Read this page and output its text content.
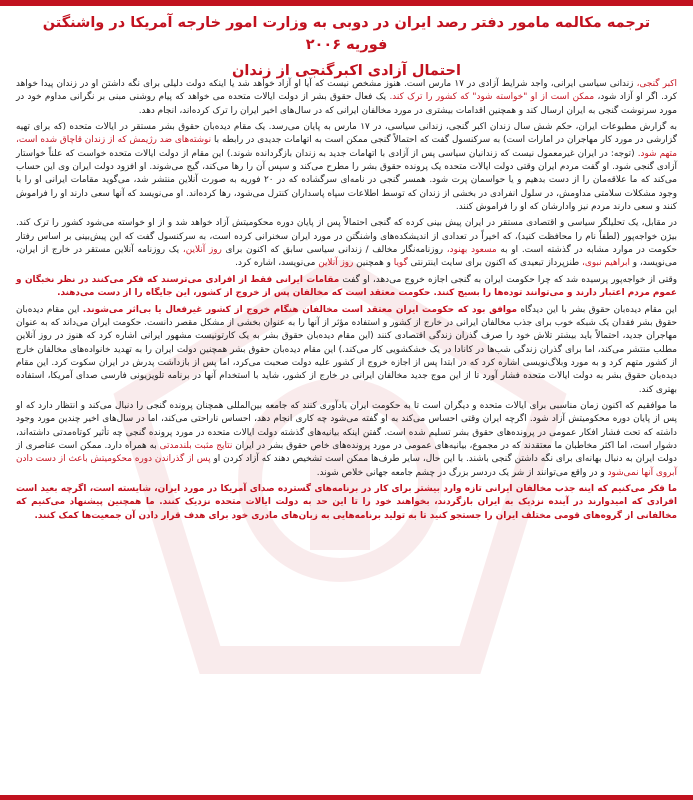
ترجمه مکالمه مامور دفتر رصد ایران در دوبی به وزارت امور خارجه آمریکا در واشنگتن فوریه ۲۰۰۶
احتمال آزادی اکبرگنجی از زندان

اکبر گنجی، زندانی سیاسی ایرانی، واجد شرایط آزادی در ۱۷ مارس است. هنوز مشخص نیست که آیا او آزاد خواهد شد یا اینکه دولت دلیلی برای نگه داشتن او در زندان پیدا خواهد کرد. اگر او آزاد شود، ممکن است از او "خواسته شود" که کشور را ترک کند. یک فعال حقوق بشر از دولت ایالات متحده می خواهد که پیام روشنی مبنی بر نگرانی مداوم خود در مورد سرنوشت گنجی به ایران ارسال کند و همچنین اقدامات بیشتری در مورد مخالفان ایرانی که در سال‌های اخیر ایران را ترک کرده‌اند، انجام دهد.

به گزارش مطبوعات ایران، حکم شش سال زندان اکبر گنجی، زندانی سیاسی، در ۱۷ مارس به پایان می‌رسد. یک مقام دیده‌بان حقوق بشر مستقر در ایالات متحده (که برای تهیه گزارشی در مورد کار مهاجران در امارات است) به سرکنسول گفت که احتمالاً گنجی ممکن است به اتهامات جدیدی در رابطه با نوشته‌های ضد رژیمش که از زندان قاچاق شده است، متهم شود. (توجه: در ایران غیرمعمول نیست که زندانیان سیاسی پس از آزادی با اتهامات جدید به زندان بازگردانده شوند.) این مقام از دولت ایالات متحده خواست که علناً خواستار آزادی گنجی شود. او گفت مردم ایران وقتی دولت ایالات متحده یک پرونده حقوق بشر را مطرح می‌کند و سپس آن را رها می‌کند، گیج می‌شوند. او افزود دولت ایران وی این حساب می‌کند که ما علاقه‌مان را از دست بدهیم و یا حواسمان پرت شود. همسر گنجی در نامه‌ای سرگشاده که در ۲۰ فوریه به صورت آنلاین منتشر شد، می‌گوید مقامات ایرانی او را با وجود مشکلات سلامتی مداومش، در سلول انفرادی در بخشی از زندان که توسط اطلاعات سپاه پاسداران کنترل می‌شود، رها کرده‌اند. او می‌نویسد که آنها سعی دارند او را فراموش کنند و سعی دارند مردم نیز وادارشان که او را فراموش کنند.

در مقابل، یک تحلیلگر سیاسی و اقتصادی مستقر در ایران پیش بینی کرده که گنجی احتمالاً پس از پایان دوره محکومیتش آزاد خواهد شد و از او خواسته می‌شود کشور را ترک کند. بیژن خواجه‌پور (لطفاً نام را محافظت کنید)، که اخیراً در تعدادی از اندیشکده‌های واشنگتن در مورد ایران سخنرانی کرده است، به سرکنسول گفت که این پیش‌بینی بر اساس رفتار حکومت در موارد مشابه در گذشته است. او به مسعود بهنود، روزنامه‌نگار مخالف / زندانی سیاسی سابق که اکنون برای روز آنلاین، یک روزنامه آنلاین مستقر در خارج از ایران، می‌نویسد، و ابراهیم نبوی، طنزپرداز تبعیدی که اکنون برای سایت اینترنتی گویا و همچنین روز آنلاین می‌نویسد، اشاره کرد.

وقتی از خواجه‌پور پرسیده شد که چرا حکومت ایران به گنجی اجازه خروج می‌دهد، او گفت مقامات ایرانی فقط از افرادی می‌ترسند که فکر می‌کنند در نظر نخبگان و عموم مردم اعتبار دارند و می‌توانند توده‌ها را بسیج کنند. حکومت معتقد است که مخالفان پس از خروج از کشور، این جایگاه را از دست می‌دهند.

این مقام دیده‌بان حقوق بشر با این دیدگاه موافق بود که حکومت ایران معتقد است مخالفان هنگام خروج از کشور غیرفعال یا بی‌اثر می‌شوند. این مقام دیده‌بان حقوق بشر فقدان یک شبکه خوب برای جذب مخالفان ایرانی در خارج از کشور و استفاده مؤثر از آنها را به عنوان بخشی از مشکل مقصر دانست. حکومت ایران می‌داند که به عنوان مهاجران جدید، احتمالاً باید بیشتر تلاش خود را صرف گذران زندگی اقتصادی کنند (این مقام دیده‌بان حقوق بشر به یک کارتونیست مشهور ایرانی اشاره کرد که هنوز در روز آنلاین مطلب منتشر می‌کند، اما برای گذران زندگی شب‌ها در کانادا در یک خشکشویی کار می‌کند.) این مقام دیده‌بان حقوق بشر همچنین دولت ایران را به تهدید خانواده‌های مخالفان خارج از کشور متهم کرد و به مورد وبلاگ‌نویسی اشاره کرد که در ابتدا پس از اجازه خروج از کشور علیه دولت صحبت می‌کرد، اما پس از بازداشت پدرش در ایران سکوت کرد. این مقام دیده‌بان حقوق بشر به دولت ایالات متحده فشار آورد تا از این موج جدید مخالفان ایرانی در خارج از کشور، شاید با استخدام آنها در برنامه تلویزیونی فارسی صدای آمریکا، استفاده بهتری کند.

ما موافقیم که اکنون زمان مناسبی برای ایالات متحده و دیگران است تا به حکومت ایران یادآوری کنند که جامعه بین‌المللی همچنان پرونده گنجی را دنبال می‌کند و انتظار دارد که او پس از پایان دوره محکومیتش آزاد شود. اگرچه ایران وقتی احساس می‌کند به او گفته می‌شود چه کاری انجام دهد، احساس ناراحتی می‌کند، اما در سال‌های اخیر چندین مورد وجود داشته که تحت فشار افکار عمومی در پرونده‌های حقوق بشر تسلیم شده است. گفتن اینکه بیانیه‌های گذشته دولت ایالات متحده در مورد پرونده گنجی چه تأثیر کوتاه‌مدتی داشته‌اند، دشوار است، اما اکثر مخاطبان ما معتقدند که در مجموع، بیانیه‌های عمومی در مورد پرونده‌های خاص حقوق بشر در ایران نتایج مثبت بلندمدتی به همراه دارد. ممکن است عناصری از دولت ایران به دنبال بهانه‌ای برای نگه داشتن گنجی باشند. با این حال، سایر طرف‌ها ممکن است تشخیص دهند که آزاد کردن او پس از گذراندن دوره محکومیتش باعث از دست دادن آبروی آنها نمی‌شود و در واقع می‌توانند از شر یک دردسر بزرگ در چشم جامعه جهانی خلاص شوند.

ما فکر می‌کنیم که اینه جذب مخالفان ایرانی تازه وارد بیشتر برای کار در برنامه‌های گسترده صدای آمریکا در مورد ایران، شایسته است، اگرچه بعید است افرادی که امیدوارند در آینده نزدیک به ایران بازگردند، بخواهند خود را تا این حد به دولت ایالات متحده نزدیک کنند. ما همچنین پیشنهاد می‌کنیم که مخالفانی از گروه‌های قومی مختلف ایران را جستجو کنید تا به تولید برنامه‌هایی به زبان‌های مادری خود برای هدف قرار دادن آن جمعیت‌ها کمک کنند.
